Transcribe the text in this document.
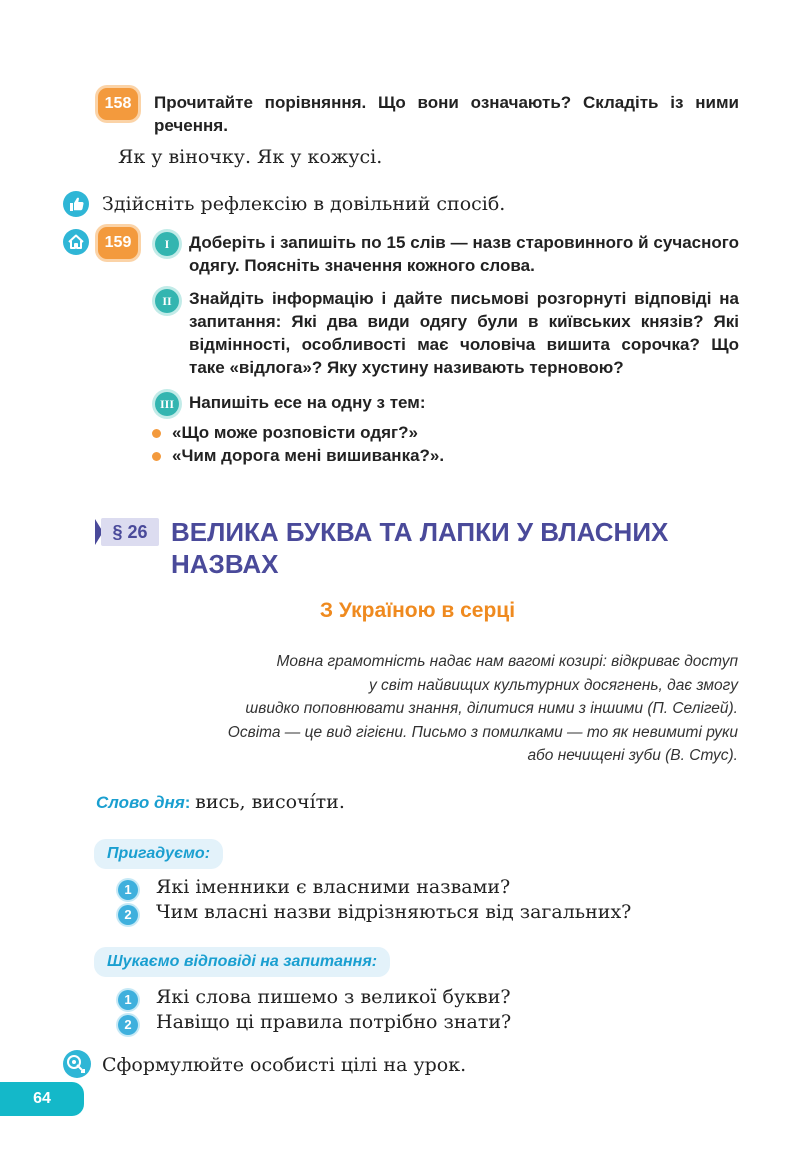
158	Прочитайте порівняння. Що вони означають? Складіть із ними речення.
Як у віночку. Як у кожусі.
Здійсніть рефлексію в довільний спосіб.
159	I	Доберіть і запишіть по 15 слів — назв старовинного й сучасного одягу. Поясніть значення кожного слова.
II	Знайдіть інформацію і дайте письмові розгорнуті відповіді на запитання: Які два види одягу були в київських князів? Які відмінності, особливості має чоловіча вишита сорочка? Що таке «відлога»? Яку хустину називають терновою?
III Напишіть есе на одну з тем:
«Що може розповісти одяг?»
«Чим дорога мені вишиванка?».
§ 26 ВЕЛИКА БУКВА ТА ЛАПКИ У ВЛАСНИХ
НАЗВАХ
З Україною в серці
Мовна грамотність надає нам вагомі козирі: відкриває доступ
у світ найвищих культурних досягнень, дає змогу
швидко поповнювати знання, ділитися ними з іншими (П. Селігей).
Освіта — це вид гігієни. Письмо з помилками — то як невимиті руки
або нечищені зуби (В. Стус).
Слово дня: вись, височі́ти.
Пригадуємо:
1	Які іменники є власними назвами?
2	Чим власні назви відрізняються від загальних?
Шукаємо відповіді на запитання:
1	Які слова пишемо з великої букви?
2	Навіщо ці правила потрібно знати?
Сформулюйте особисті цілі на урок.
64
